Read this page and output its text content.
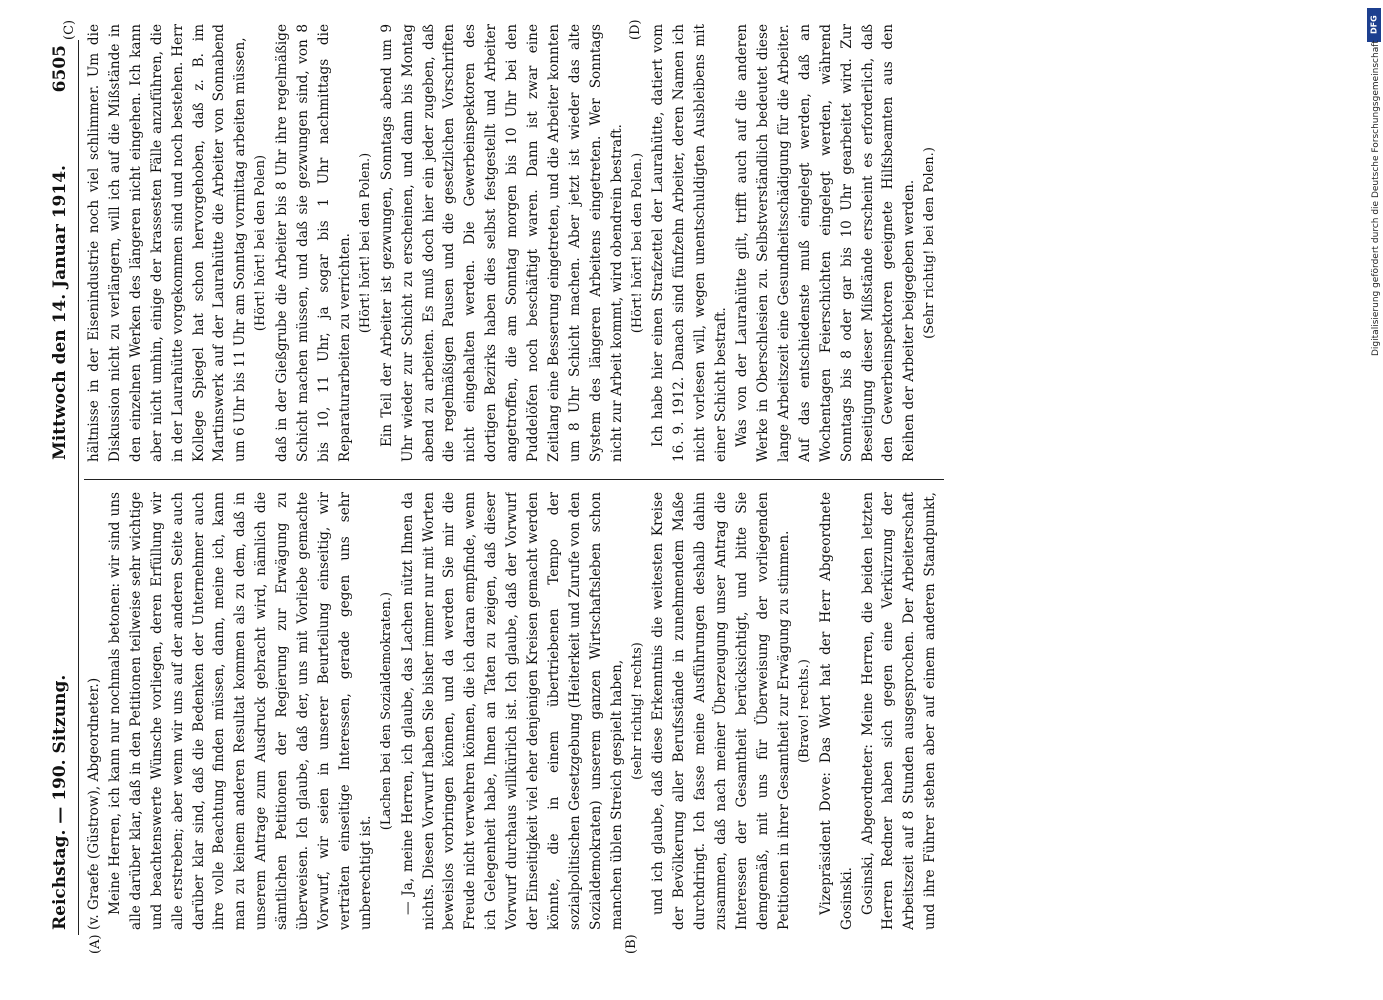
Reichstag. — 190. Sitzung.
Mittwoch den 14. Januar 1914.
6505
(A)	(B)
(C)	(D)

(v. Graefe (Güstrow), Abgeordneter.) Meine Herren, ich kann nur nochmals betonen: wir sind uns alle darüber klar, daß in den Petitionen teilweise sehr wichtige und beachtenswerte Wünsche vorliegen, deren Erfüllung wir alle erstreben; aber wenn wir uns auf der anderen Seite auch darüber klar sind, daß die Bedenken der Unternehmer auch ihre volle Beachtung finden müssen, dann, meine ich, kann man zu keinem anderen Resultat kommen als zu dem, daß in unserem Antrage zum Ausdruck gebracht wird, nämlich die sämtlichen Petitionen der Regierung zur Erwägung zu überweisen. Ich glaube, daß der, uns mit Vorliebe gemachte Vorwurf, wir seien in unserer Beurteilung einseitig, wir verträten einseitige Interessen, gerade gegen uns sehr unberechtigt ist.

(Lachen bei den Sozialdemokraten.) — Ja, meine Herren, ich glaube, das Lachen nützt Ihnen da nichts. Diesen Vorwurf haben Sie bisher immer nur mit Worten beweislos vorbringen können, und da werden Sie mir die Freude nicht verwehren können, die ich daran empfinde, wenn ich Gelegenheit habe, Ihnen an Taten zu zeigen, daß dieser Vorwurf durchaus willkürlich ist. Ich glaube, daß der Vorwurf der Einseitigkeit viel eher denjenigen Kreisen gemacht werden könnte, die in einem übertriebenen Tempo der sozialpolitischen Gesetzgebung (Heiterkeit und Zurufe von den Sozialdemokraten) unserem ganzen Wirtschaftsleben schon manchen üblen Streich gespielt haben, (sehr richtig! rechts) und ich glaube, daß diese Erkenntnis die weitesten Kreise der Bevölkerung aller Berufsstände in zunehmendem Maße durchdringt. Ich fasse meine Ausführungen deshalb dahin zusammen, daß nach meiner Überzeugung unser Antrag die Interessen der Gesamtheit berücksichtigt, und bitte Sie demgemäß, mit uns für Überweisung der vorliegenden Petitionen in ihrer Gesamtheit zur Erwägung zu stimmen. (Bravo! rechts.) Vizepräsident Dove: Das Wort hat der Herr Abgeordnete Gosinski. Gosinski, Abgeordneter: Meine Herren, die beiden letzten Herren Redner haben sich gegen eine Verkürzung der Arbeitszeit auf 8 Stunden ausgesprochen. Der Arbeiterschaft und ihre Führer stehen aber auf einem anderen Standpunkt,

hältnisse in der Eisenindustrie noch viel schlimmer. Um die Diskussion nicht zu verlängern, will ich auf die Mißstände in den einzelnen Werken des längeren nicht eingehen. Ich kann aber nicht umhin, einige der krassesten Fälle anzuführen, die in der Laurahütte vorgekommen sind und noch bestehen. Herr Kollege Spiegel hat schon hervorgehoben, daß z. B. im Martinswerk auf der Laurahütte die Arbeiter von Sonnabend um 6 Uhr bis 11 Uhr am Sonntag vormittag arbeiten müssen, (Hört! hört! bei den Polen) daß in der Gießgrube die Arbeiter bis 8 Uhr ihre regelmäßige Schicht machen müssen, und daß sie gezwungen sind, von 8 bis 10, 11 Uhr, ja sogar bis 1 Uhr nachmittags die Reparaturarbeiten zu verrichten. (Hört! hört! bei den Polen.) Ein Teil der Arbeiter ist gezwungen, Sonntags abend um 9 Uhr wieder zur Schicht zu erscheinen, und dann bis Montag abend zu arbeiten. Es muß doch hier ein jeder zugeben, daß die regelmäßigen Pausen und die gesetzlichen Vorschriften nicht eingehalten werden. Die Gewerbeinspektoren des dortigen Bezirks haben dies selbst festgestellt und Arbeiter angetroffen, die am Sonntag morgen bis 10 Uhr bei den Puddelöfen noch beschäftigt waren. Dann ist zwar eine Zeitlang eine Besserung eingetreten, und die Arbeiter konnten um 8 Uhr Schicht machen. Aber jetzt ist wieder das alte System des längeren Arbeitens eingetreten. Wer Sonntags nicht zur Arbeit kommt, wird obendrein bestraft. (Hört! hört! bei den Polen.) Ich habe hier einen Strafzettel der Laurahütte, datiert vom 16. 9. 1912. Danach sind fünfzehn Arbeiter, deren Namen ich nicht vorlesen will, wegen unentschuldigten Ausbleibens mit einer Schicht bestraft. Was von der Laurahütte gilt, trifft auch auf die anderen Werke in Oberschlesien zu. Selbstverständlich bedeutet diese lange Arbeitszeit eine Gesundheitsschädigung für die Arbeiter. Auf das entschiedenste muß eingelegt werden, daß an Wochentagen Feierschichten eingelegt werden, während Sonntags bis 8 oder gar bis 10 Uhr gearbeitet wird. Zur Beseitigung dieser Mißstände erscheint es erforderlich, daß den Gewerbeinspektoren geeignete Hilfsbeamten aus den Reihen der Arbeiter beigegeben werden. (Sehr richtig! bei den Polen.)

DFG
Digitalisierung gefördert durch die Deutsche Forschungsgemeinschaft
